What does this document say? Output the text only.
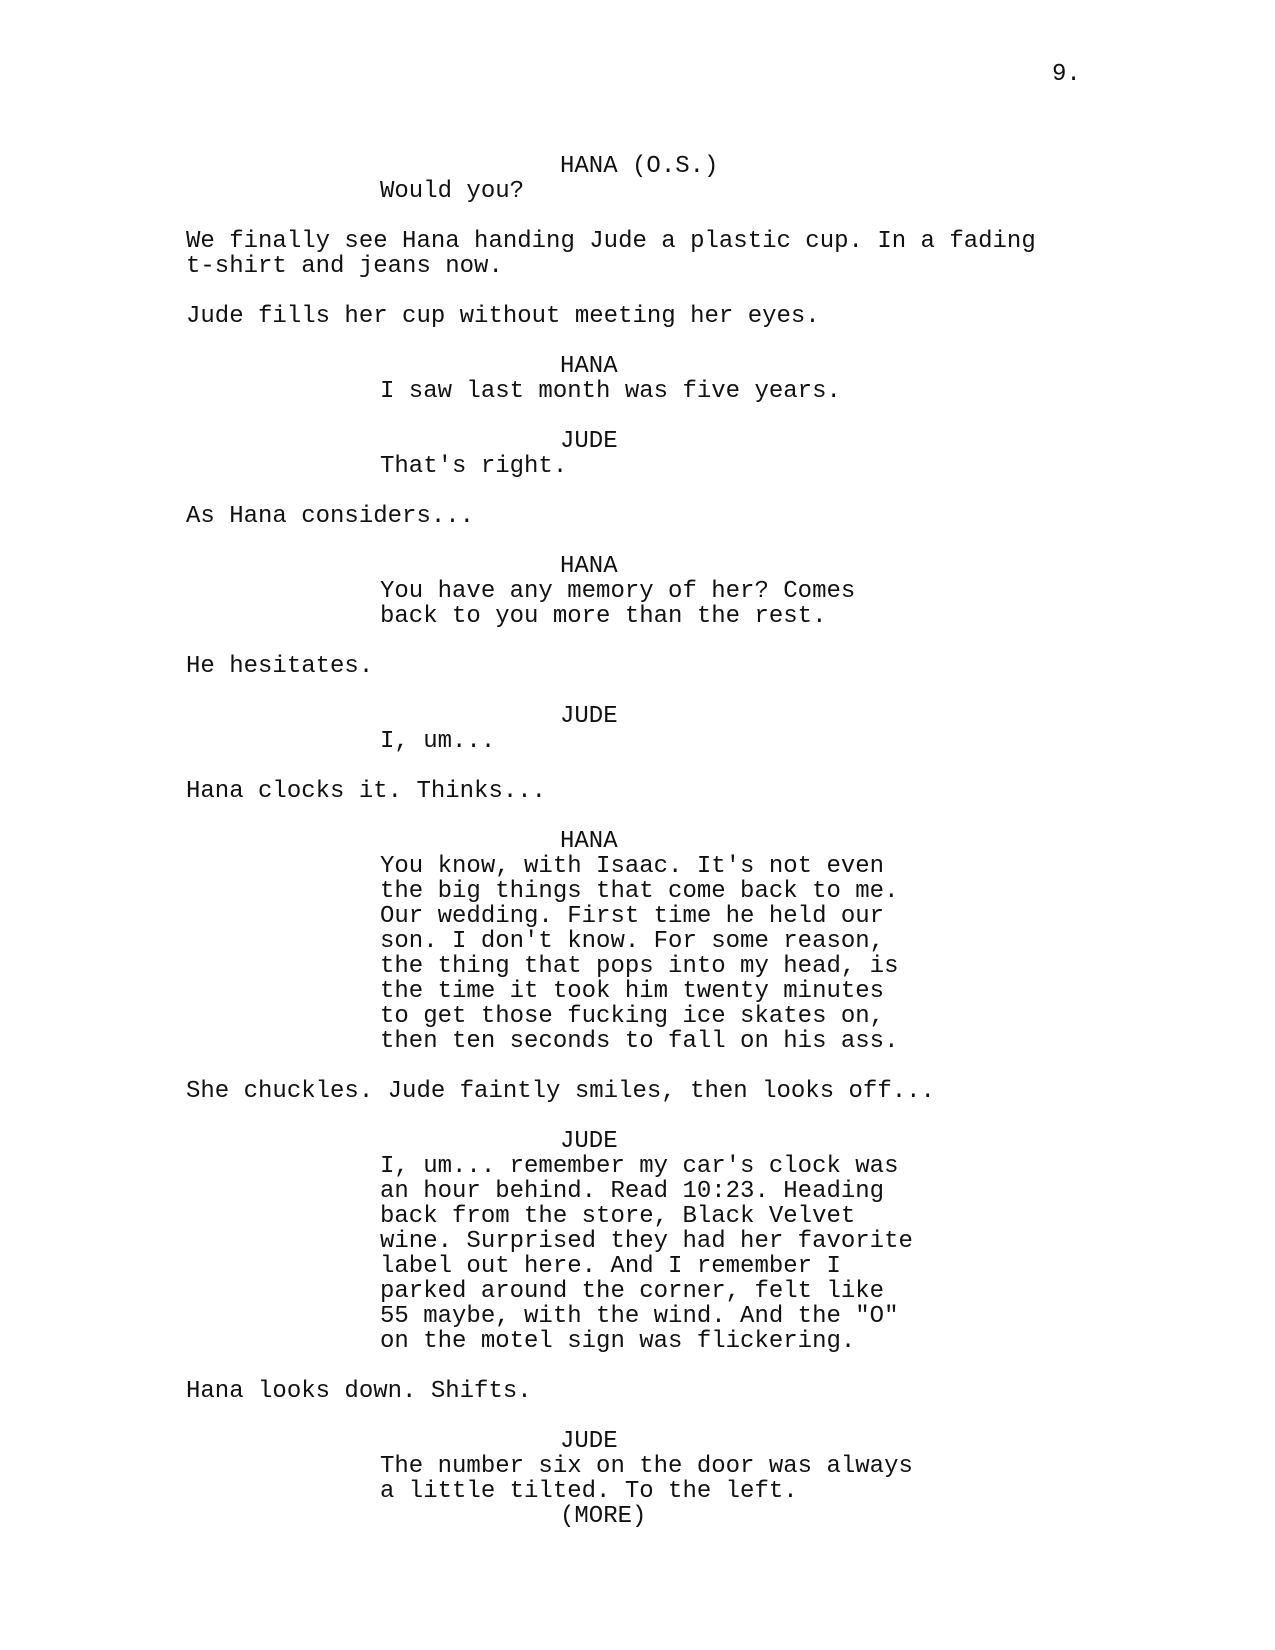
9.
HANA (O.S.)
Would you?
We finally see Hana handing Jude a plastic cup. In a fading
t-shirt and jeans now.
Jude fills her cup without meeting her eyes.
HANA
I saw last month was five years.
JUDE
That's right.
As Hana considers...
HANA
You have any memory of her? Comes
back to you more than the rest.
He hesitates.
JUDE
I, um...
Hana clocks it. Thinks...
HANA
You know, with Isaac. It's not even
the big things that come back to me.
Our wedding. First time he held our
son. I don't know. For some reason,
the thing that pops into my head, is
the time it took him twenty minutes
to get those fucking ice skates on,
then ten seconds to fall on his ass.
She chuckles. Jude faintly smiles, then looks off...
JUDE
I, um... remember my car's clock was
an hour behind. Read 10:23. Heading
back from the store, Black Velvet
wine. Surprised they had her favorite
label out here. And I remember I
parked around the corner, felt like
55 maybe, with the wind. And the "O"
on the motel sign was flickering.
Hana looks down. Shifts.
JUDE
The number six on the door was always
a little tilted. To the left.
(MORE)
